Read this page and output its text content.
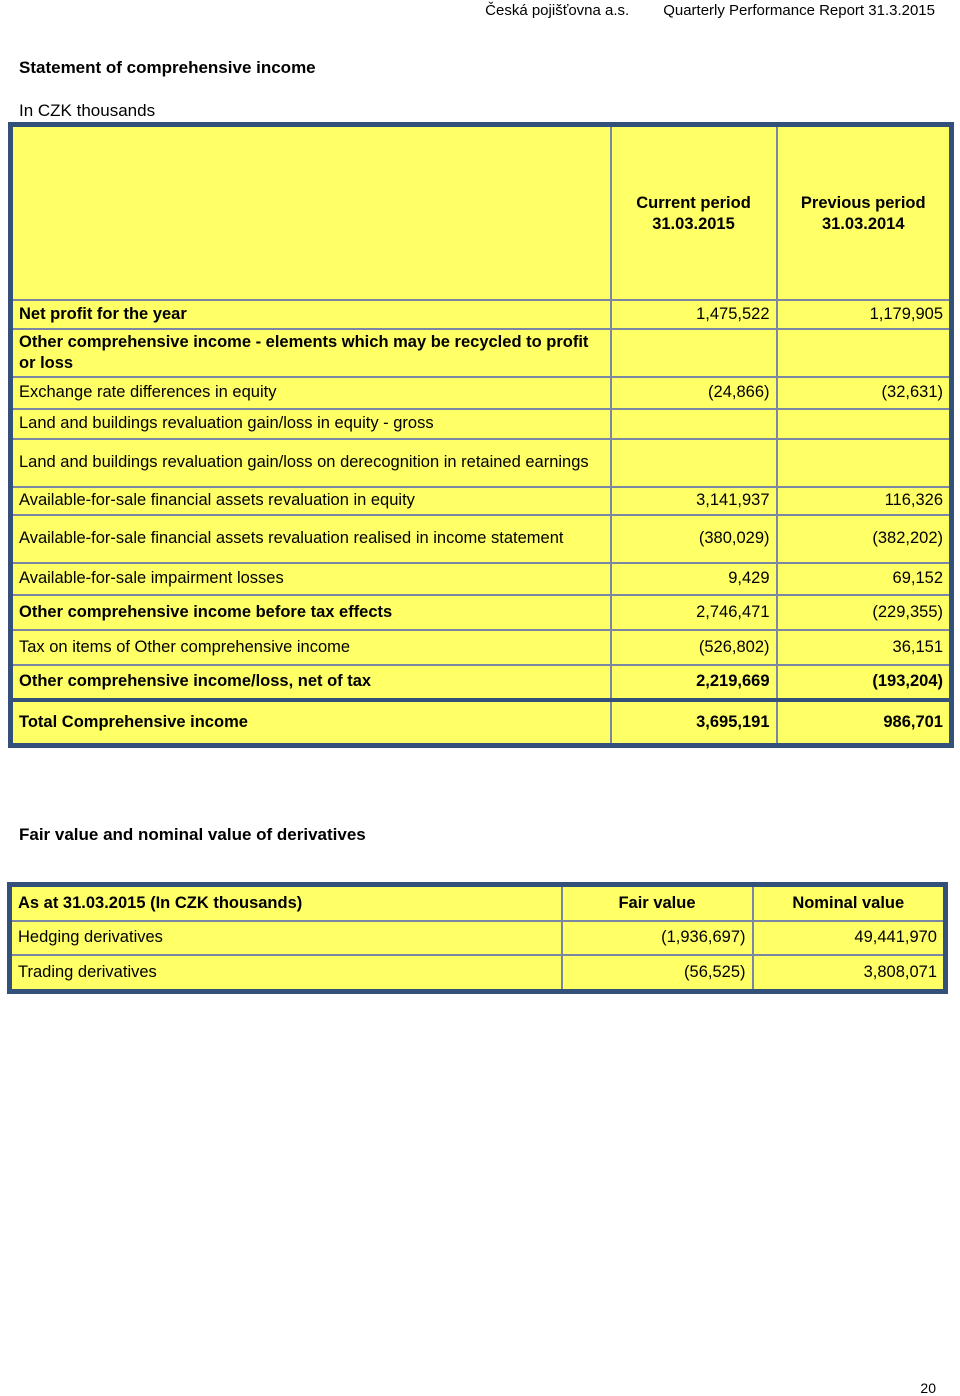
Česká pojišťovna a.s. Quarterly Performance Report 31.3.2015
Statement of comprehensive income
In CZK thousands
	Current period 31.03.2015	Previous period 31.03.2014
Net profit for the year	1,475,522	1,179,905
Other comprehensive income - elements which may be recycled to profit or loss		
Exchange rate differences in equity	(24,866)	(32,631)
Land and buildings revaluation gain/loss in equity - gross		
Land and buildings revaluation gain/loss on derecognition in retained earnings		
Available-for-sale financial assets revaluation in equity	3,141,937	116,326
Available-for-sale financial assets revaluation realised in income statement	(380,029)	(382,202)
Available-for-sale impairment losses	9,429	69,152
Other comprehensive income before tax effects	2,746,471	(229,355)
Tax on items of Other comprehensive income	(526,802)	36,151
Other comprehensive income/loss, net of tax	2,219,669	(193,204)
Total Comprehensive income	3,695,191	986,701
Fair value and nominal value of derivatives
As at 31.03.2015 (In CZK thousands)	Fair value	Nominal value
Hedging derivatives	(1,936,697)	49,441,970
Trading derivatives	(56,525)	3,808,071
20
